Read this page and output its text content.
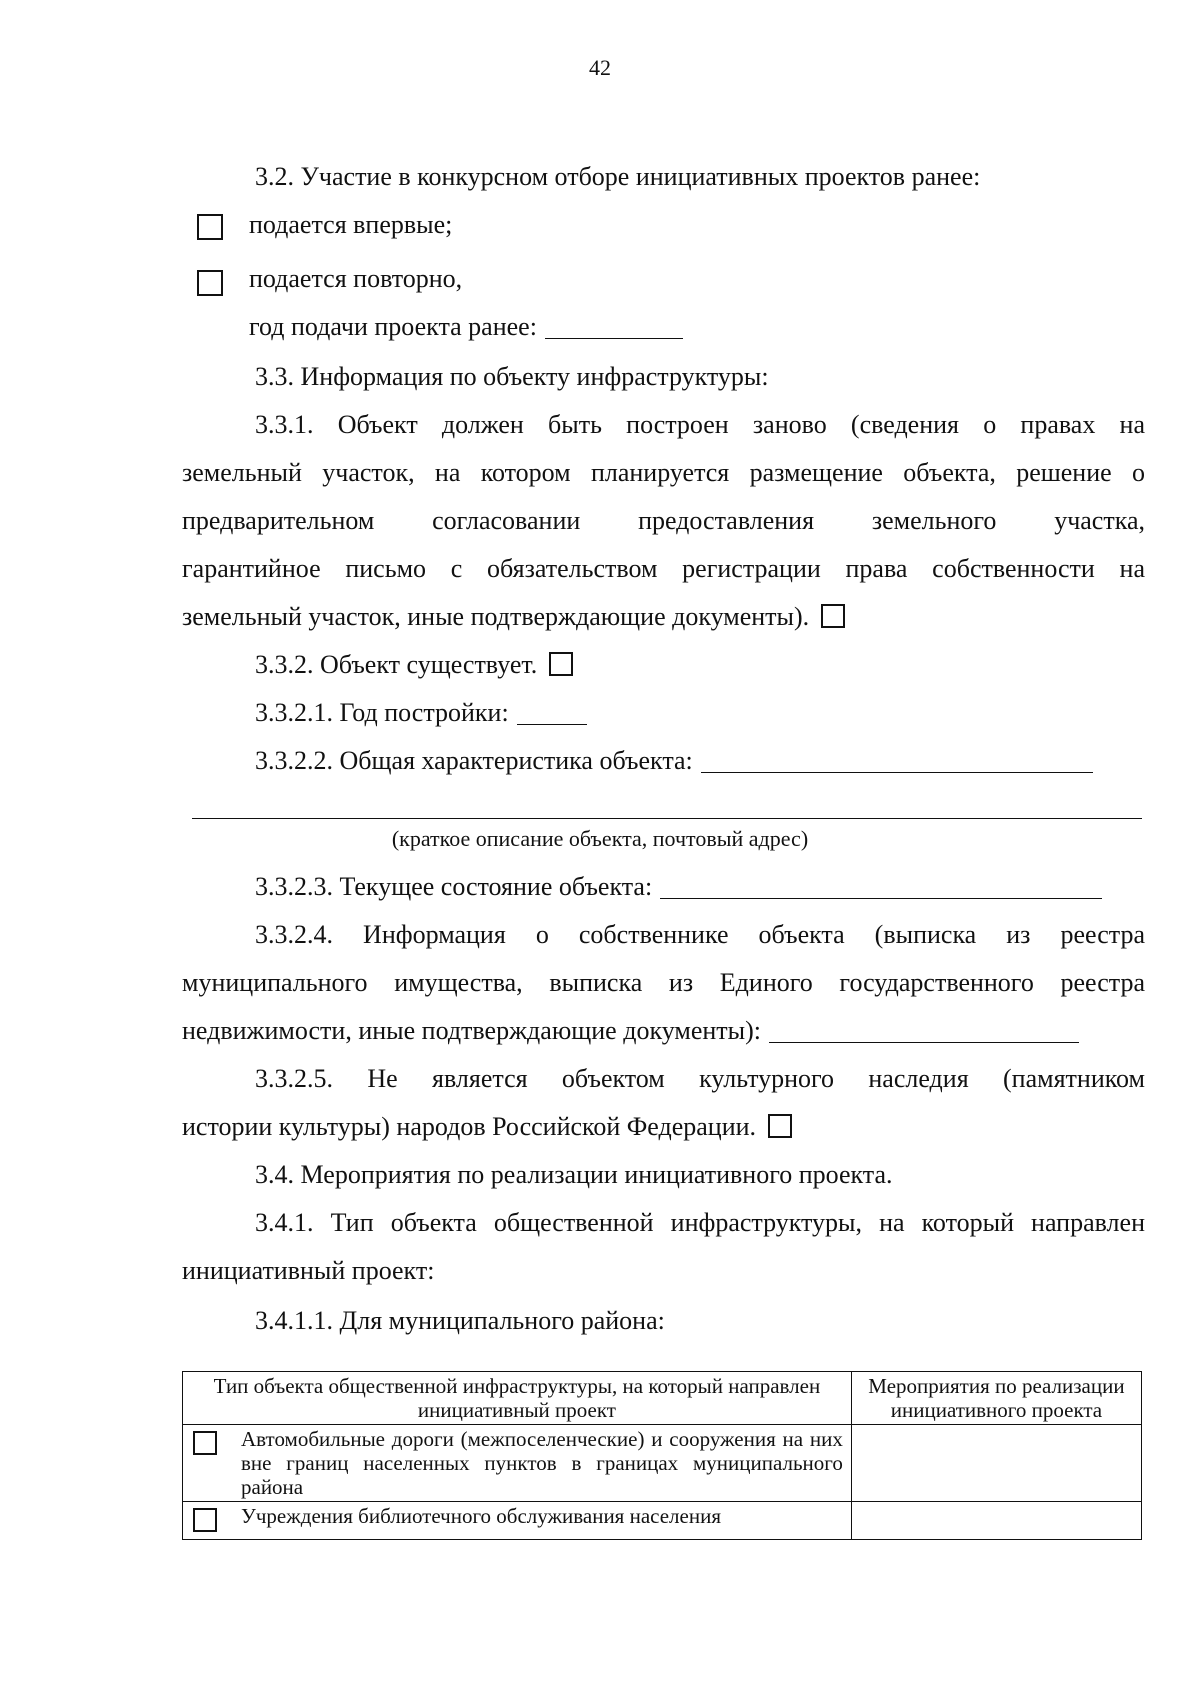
42
3.2. Участие в конкурсном отборе инициативных проектов ранее:
подается впервые;
подается повторно,
год подачи проекта ранее:
3.3. Информация по объекту инфраструктуры:
3.3.1. Объект должен быть построен заново (сведения о правах на
земельный участок, на котором планируется размещение объекта, решение о
предварительном согласовании предоставления земельного участка,
гарантийное письмо с обязательством регистрации права собственности на
земельный участок, иные подтверждающие документы).
3.3.2. Объект существует.
3.3.2.1. Год постройки:
3.3.2.2. Общая характеристика объекта:
(краткое описание объекта, почтовый адрес)
3.3.2.3. Текущее состояние объекта:
3.3.2.4. Информация о собственнике объекта (выписка из реестра
муниципального имущества, выписка из Единого государственного реестра
недвижимости, иные подтверждающие документы):
3.3.2.5. Не является объектом культурного наследия (памятником
истории культуры) народов Российской Федерации.
3.4. Мероприятия по реализации инициативного проекта.
3.4.1. Тип объекта общественной инфраструктуры, на который направлен
инициативный проект:
3.4.1.1. Для муниципального района:
Тип объекта общественной инфраструктуры, на который направлен инициативный проект		Мероприятия по реализации инициативного проекта
	Автомобильные дороги (межпоселенческие) и сооружения на них вне границ населенных пунктов в границах муниципального района	
	Учреждения библиотечного обслуживания населения	
